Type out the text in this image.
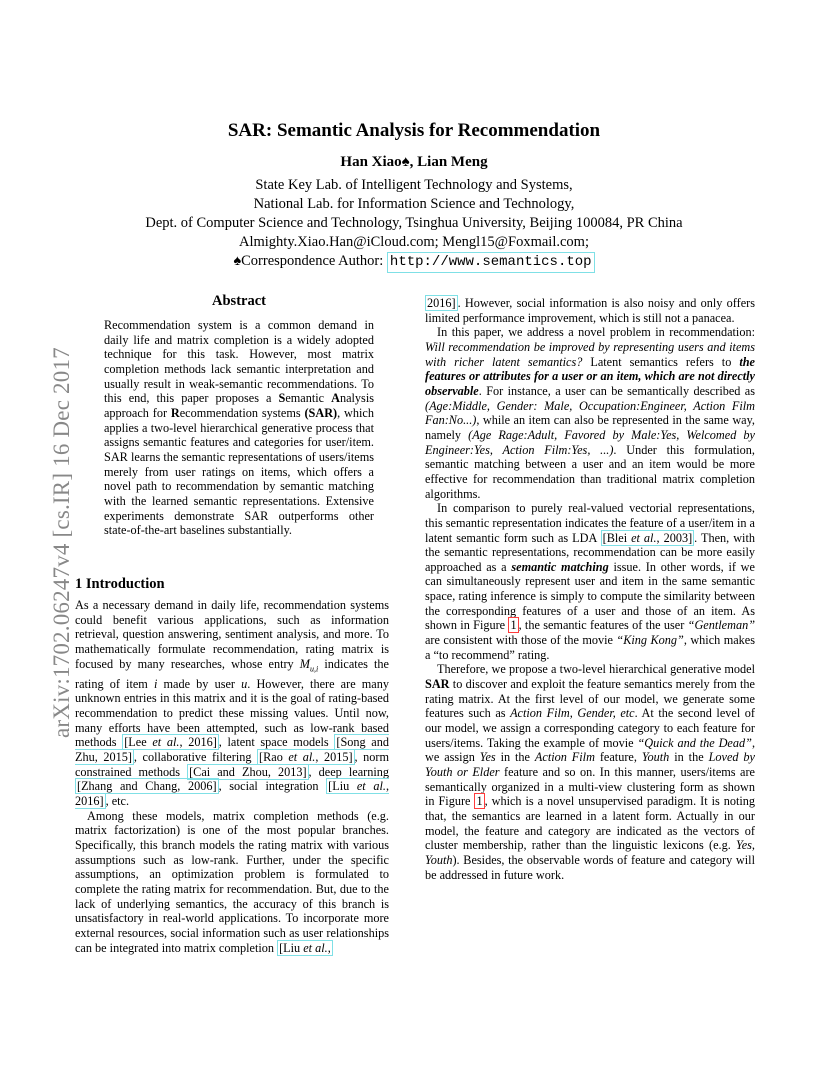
SAR: Semantic Analysis for Recommendation
Han Xiao♠, Lian Meng
State Key Lab. of Intelligent Technology and Systems,
National Lab. for Information Science and Technology,
Dept. of Computer Science and Technology, Tsinghua University, Beijing 100084, PR China
Almighty.Xiao.Han@iCloud.com; Mengl15@Foxmail.com;
♠Correspondence Author: http://www.semantics.top
arXiv:1702.06247v4 [cs.IR] 16 Dec 2017
Abstract
Recommendation system is a common demand in daily life and matrix completion is a widely adopted technique for this task. However, most matrix completion methods lack semantic interpretation and usually result in weak-semantic recommendations. To this end, this paper proposes a Semantic Analysis approach for Recommendation systems (SAR), which applies a two-level hierarchical generative process that assigns semantic features and categories for user/item. SAR learns the semantic representations of users/items merely from user ratings on items, which offers a novel path to recommendation by semantic matching with the learned semantic representations. Extensive experiments demonstrate SAR outperforms other state-of-the-art baselines substantially.
1 Introduction

As a necessary demand in daily life, recommendation systems could benefit various applications, such as information retrieval, question answering, sentiment analysis, and more. To mathematically formulate recommendation, rating matrix is focused by many researches, whose entry $M_{u,i}$ indicates the rating of item i made by user u. However, there are many unknown entries in this matrix and it is the goal of rating-based recommendation to predict these missing values. Until now, many efforts have been attempted, such as low-rank based methods [Lee et al., 2016] , latent space models [Song and Zhu, 2015] , collaborative filtering [Rao et al., 2015] , norm constrained methods [Cai and Zhou, 2013] , deep learning [Zhang and Chang, 2006] , social integration [Liu et al., 2016] , etc.

Among these models, matrix completion methods (e.g. matrix factorization) is one of the most popular branches. Specifically, this branch models the rating matrix with various assumptions such as low-rank. Further, under the specific assumptions, an optimization problem is formulated to complete the rating matrix for recommendation. But, due to the lack of underlying semantics, the accuracy of this branch is unsatisfactory in real-world applications. To incorporate more external resources, social information such as user relationships can be integrated into matrix completion [Liu et al.,

2016] . However, social information is also noisy and only offers limited performance improvement, which is still not a panacea.

In this paper, we address a novel problem in recommendation: Will recommendation be improved by representing users and items with richer latent semantics? Latent semantics refers to the features or attributes for a user or an item, which are not directly observable. For instance, a user can be semantically described as (Age:Middle, Gender: Male, Occupation:Engineer, Action Film Fan:No...), while an item can also be represented in the same way, namely (Age Rage:Adult, Favored by Male:Yes, Welcomed by Engineer:Yes, Action Film:Yes, ...). Under this formulation, semantic matching between a user and an item would be more effective for recommendation than traditional matrix completion algorithms.

In comparison to purely real-valued vectorial representations, this semantic representation indicates the feature of a user/item in a latent semantic form such as LDA [Blei et al., 2003] . Then, with the semantic representations, recommendation can be more easily approached as a semantic matching issue. In other words, if we can simultaneously represent user and item in the same semantic space, rating inference is simply to compute the similarity between the corresponding features of a user and those of an item. As shown in Figure 1 , the semantic features of the user “Gentleman” are consistent with those of the movie “King Kong”, which makes a “to recommend” rating.

Therefore, we propose a two-level hierarchical generative model SAR to discover and exploit the feature semantics merely from the rating matrix. At the first level of our model, we generate some features such as Action Film, Gender, etc. At the second level of our model, we assign a corresponding category to each feature for users/items. Taking the example of movie “Quick and the Dead”, we assign Yes in the Action Film feature, Youth in the Loved by Youth or Elder feature and so on. In this manner, users/items are semantically organized in a multi-view clustering form as shown in Figure 1 , which is a novel unsupervised paradigm. It is noting that, the semantics are learned in a latent form. Actually in our model, the feature and category are indicated as the vectors of cluster membership, rather than the linguistic lexicons (e.g. Yes, Youth). Besides, the observable words of feature and category will be addressed in future work.
